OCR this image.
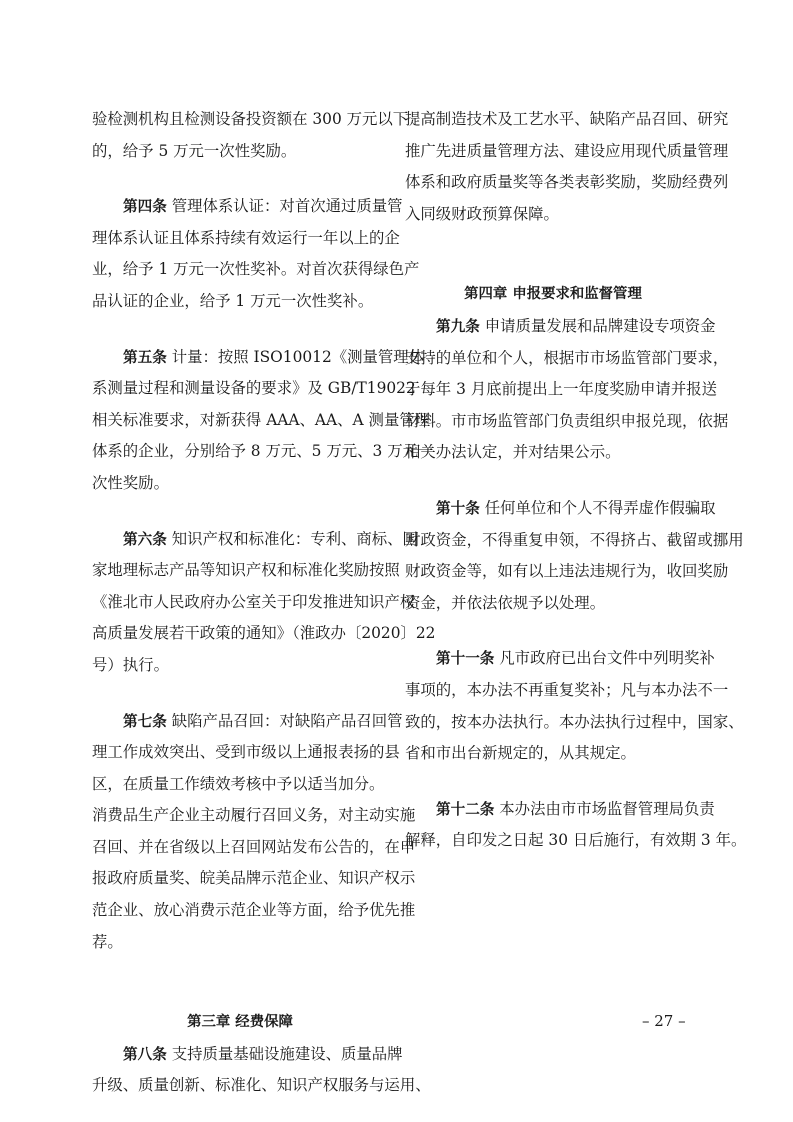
验检测机构且检测设备投资额在 300 万元以下
的，给予 5 万元一次性奖励。
第四条 管理体系认证：对首次通过质量管
理体系认证且体系持续有效运行一年以上的企
业，给予 1 万元一次性奖补。对首次获得绿色产
品认证的企业，给予 1 万元一次性奖补。
第五条 计量：按照 ISO10012《测量管理体
系测量过程和测量设备的要求》及 GB/T19022
相关标准要求，对新获得 AAA、AA、A 测量管理
体系的企业，分别给予 8 万元、5 万元、3 万元一
次性奖励。
第六条 知识产权和标准化：专利、商标、国
家地理标志产品等知识产权和标准化奖励按照
《淮北市人民政府办公室关于印发推进知识产权
高质量发展若干政策的通知》（淮政办〔2020〕22
号）执行。
第七条 缺陷产品召回：对缺陷产品召回管
理工作成效突出、受到市级以上通报表扬的县
区，在质量工作绩效考核中予以适当加分。
消费品生产企业主动履行召回义务，对主动实施
召回、并在省级以上召回网站发布公告的，在申
报政府质量奖、皖美品牌示范企业、知识产权示
范企业、放心消费示范企业等方面，给予优先推
荐。
第三章 经费保障
第八条 支持质量基础设施建设、质量品牌
升级、质量创新、标准化、知识产权服务与运用、
提高制造技术及工艺水平、缺陷产品召回、研究
推广先进质量管理方法、建设应用现代质量管理
体系和政府质量奖等各类表彰奖励，奖励经费列
入同级财政预算保障。
第四章 申报要求和监督管理
第九条 申请质量发展和品牌建设专项资金
支持的单位和个人，根据市市场监管部门要求，
于每年 3 月底前提出上一年度奖励申请并报送
材料。市市场监管部门负责组织申报兑现，依据
相关办法认定，并对结果公示。
第十条 任何单位和个人不得弄虚作假骗取
财政资金，不得重复申领，不得挤占、截留或挪用
财政资金等，如有以上违法违规行为，收回奖励
资金，并依法依规予以处理。
第十一条 凡市政府已出台文件中列明奖补
事项的，本办法不再重复奖补；凡与本办法不一
致的，按本办法执行。本办法执行过程中，国家、
省和市出台新规定的，从其规定。
第十二条 本办法由市市场监督管理局负责
解释，自印发之日起 30 日后施行，有效期 3 年。
– 27 –
